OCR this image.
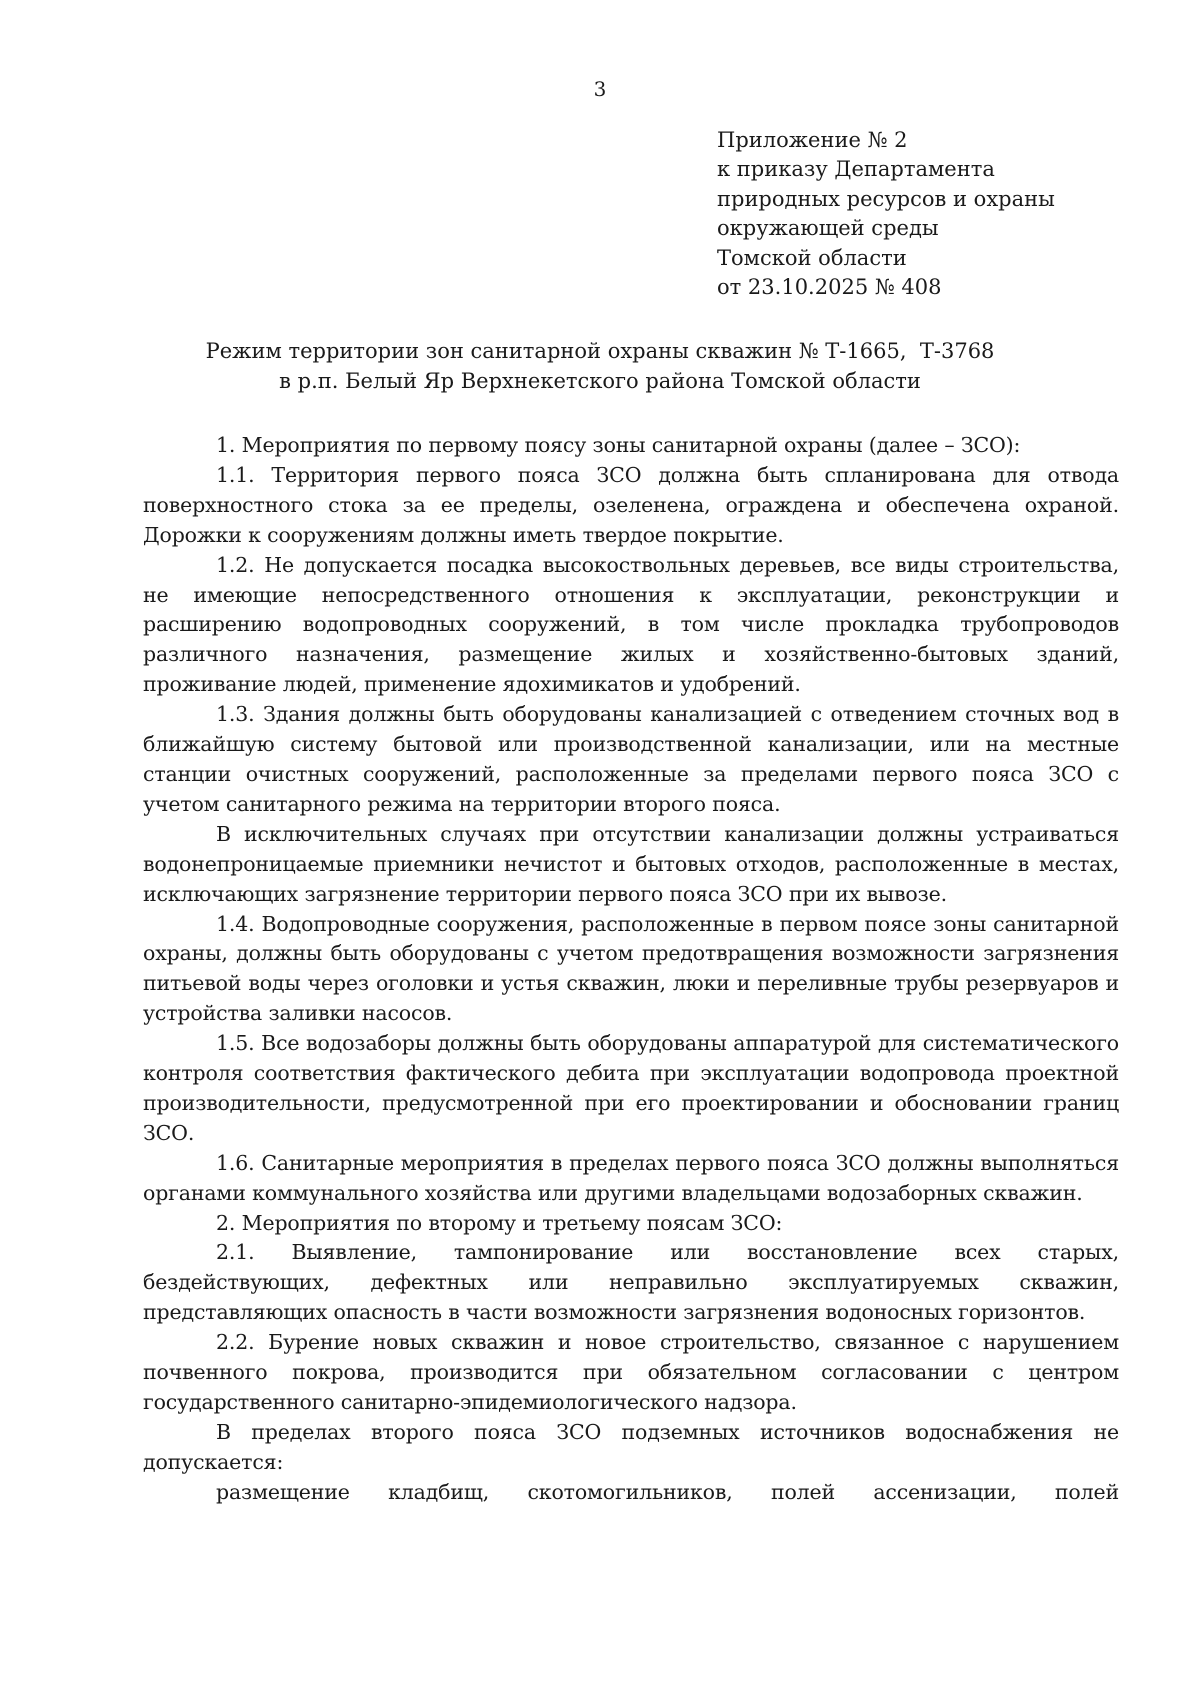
3
Приложение № 2
к приказу Департамента
природных ресурсов и охраны
окружающей среды
Томской области
от 23.10.2025 № 408
Режим территории зон санитарной охраны скважин № Т-1665,  Т-3768
в р.п. Белый Яр Верхнекетского района Томской области

1. Мероприятия по первому поясу зоны санитарной охраны (далее – ЗСО):

1.1. Территория первого пояса ЗСО должна быть спланирована для отвода поверхностного стока за ее пределы, озеленена, ограждена и обеспечена охраной. Дорожки к сооружениям должны иметь твердое покрытие.

1.2. Не допускается посадка высокоствольных деревьев, все виды строительства, не имеющие непосредственного отношения к эксплуатации, реконструкции и расширению водопроводных сооружений, в том числе прокладка трубопроводов различного назначения, размещение жилых и хозяйственно-бытовых зданий, проживание людей, применение ядохимикатов и удобрений.

1.3. Здания должны быть оборудованы канализацией с отведением сточных вод в ближайшую систему бытовой или производственной канализации, или на местные станции очистных сооружений, расположенные за пределами первого пояса ЗСО с учетом санитарного режима на территории второго пояса.

В исключительных случаях при отсутствии канализации должны устраиваться водонепроницаемые приемники нечистот и бытовых отходов, расположенные в местах, исключающих загрязнение территории первого пояса ЗСО при их вывозе.

1.4. Водопроводные сооружения, расположенные в первом поясе зоны санитарной охраны, должны быть оборудованы с учетом предотвращения возможности загрязнения питьевой воды через оголовки и устья скважин, люки и переливные трубы резервуаров и устройства заливки насосов.

1.5. Все водозаборы должны быть оборудованы аппаратурой для систематического контроля соответствия фактического дебита при эксплуатации водопровода проектной производительности, предусмотренной при его проектировании и обосновании границ ЗСО.

1.6. Санитарные мероприятия в пределах первого пояса ЗСО должны выполняться органами коммунального хозяйства или другими владельцами водозаборных скважин.

2. Мероприятия по второму и третьему поясам ЗСО:

2.1. Выявление, тампонирование или восстановление всех старых, бездействующих, дефектных или неправильно эксплуатируемых скважин, представляющих опасность в части возможности загрязнения водоносных горизонтов.

2.2. Бурение новых скважин и новое строительство, связанное с нарушением почвенного покрова, производится при обязательном согласовании с центром государственного санитарно-эпидемиологического надзора.

В пределах второго пояса ЗСО подземных источников водоснабжения не допускается:

размещение кладбищ, скотомогильников, полей ассенизации, полей
